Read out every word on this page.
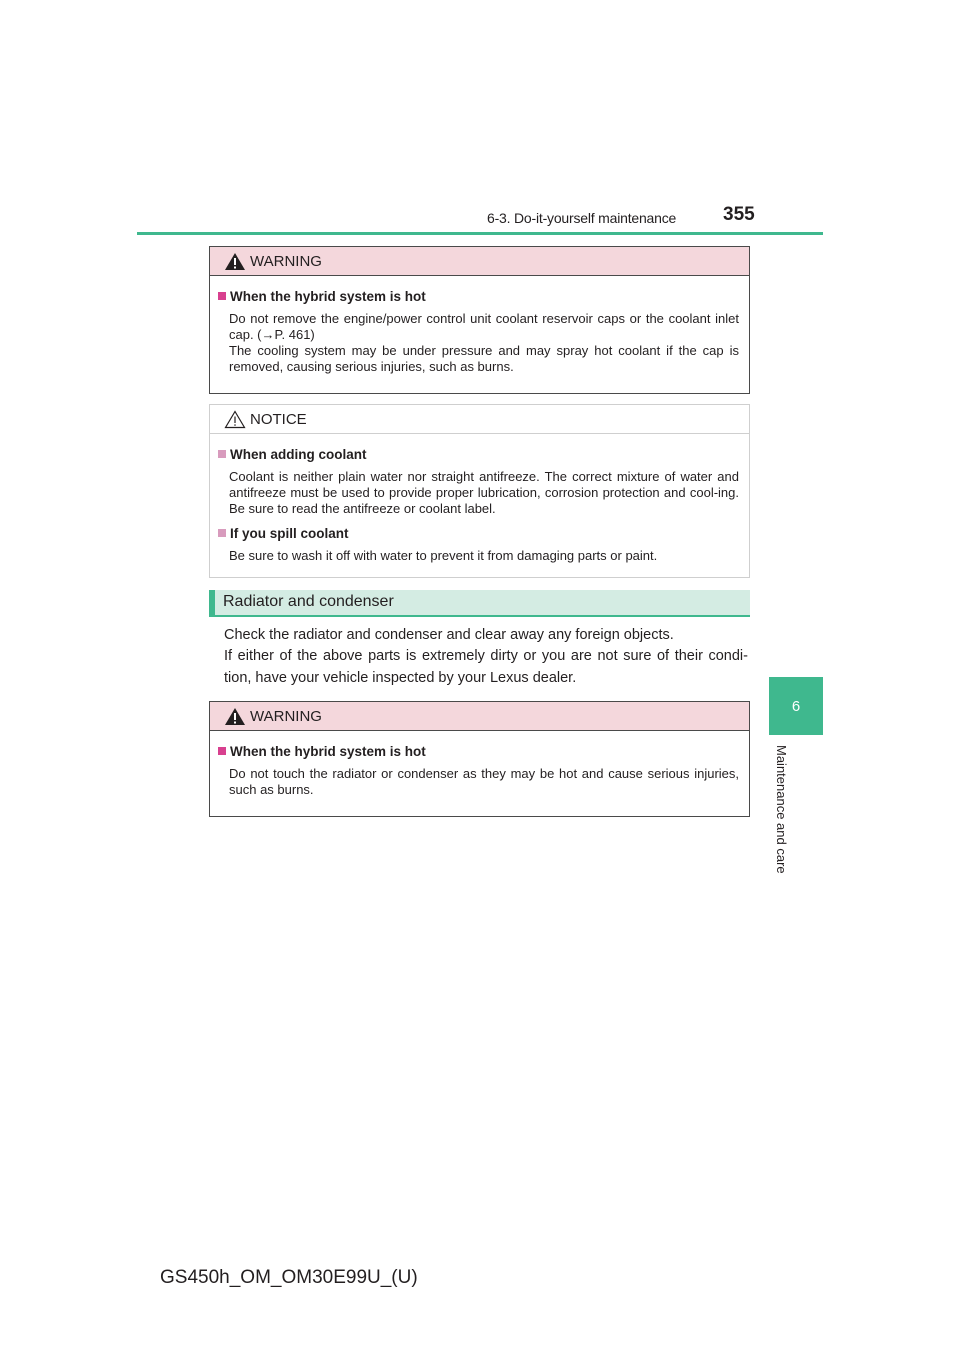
6-3. Do-it-yourself maintenance 355
6
Maintenance and care
WARNING

When the hybrid system is hot

Do not remove the engine/power control unit coolant reservoir caps or the coolant inlet cap. (→P. 461)

The cooling system may be under pressure and may spray hot coolant if the cap is removed, causing serious injuries, such as burns.

NOTICE

When adding coolant

Coolant is neither plain water nor straight antifreeze. The correct mixture of water and antifreeze must be used to provide proper lubrication, corrosion protection and cool-ing. Be sure to read the antifreeze or coolant label.

If you spill coolant

Be sure to wash it off with water to prevent it from damaging parts or paint.

Radiator and condenser

Check the radiator and condenser and clear away any foreign objects.

If either of the above parts is extremely dirty or you are not sure of their condi-tion, have your vehicle inspected by your Lexus dealer.

WARNING

When the hybrid system is hot

Do not touch the radiator or condenser as they may be hot and cause serious injuries, such as burns.

GS450h_OM_OM30E99U_(U)
